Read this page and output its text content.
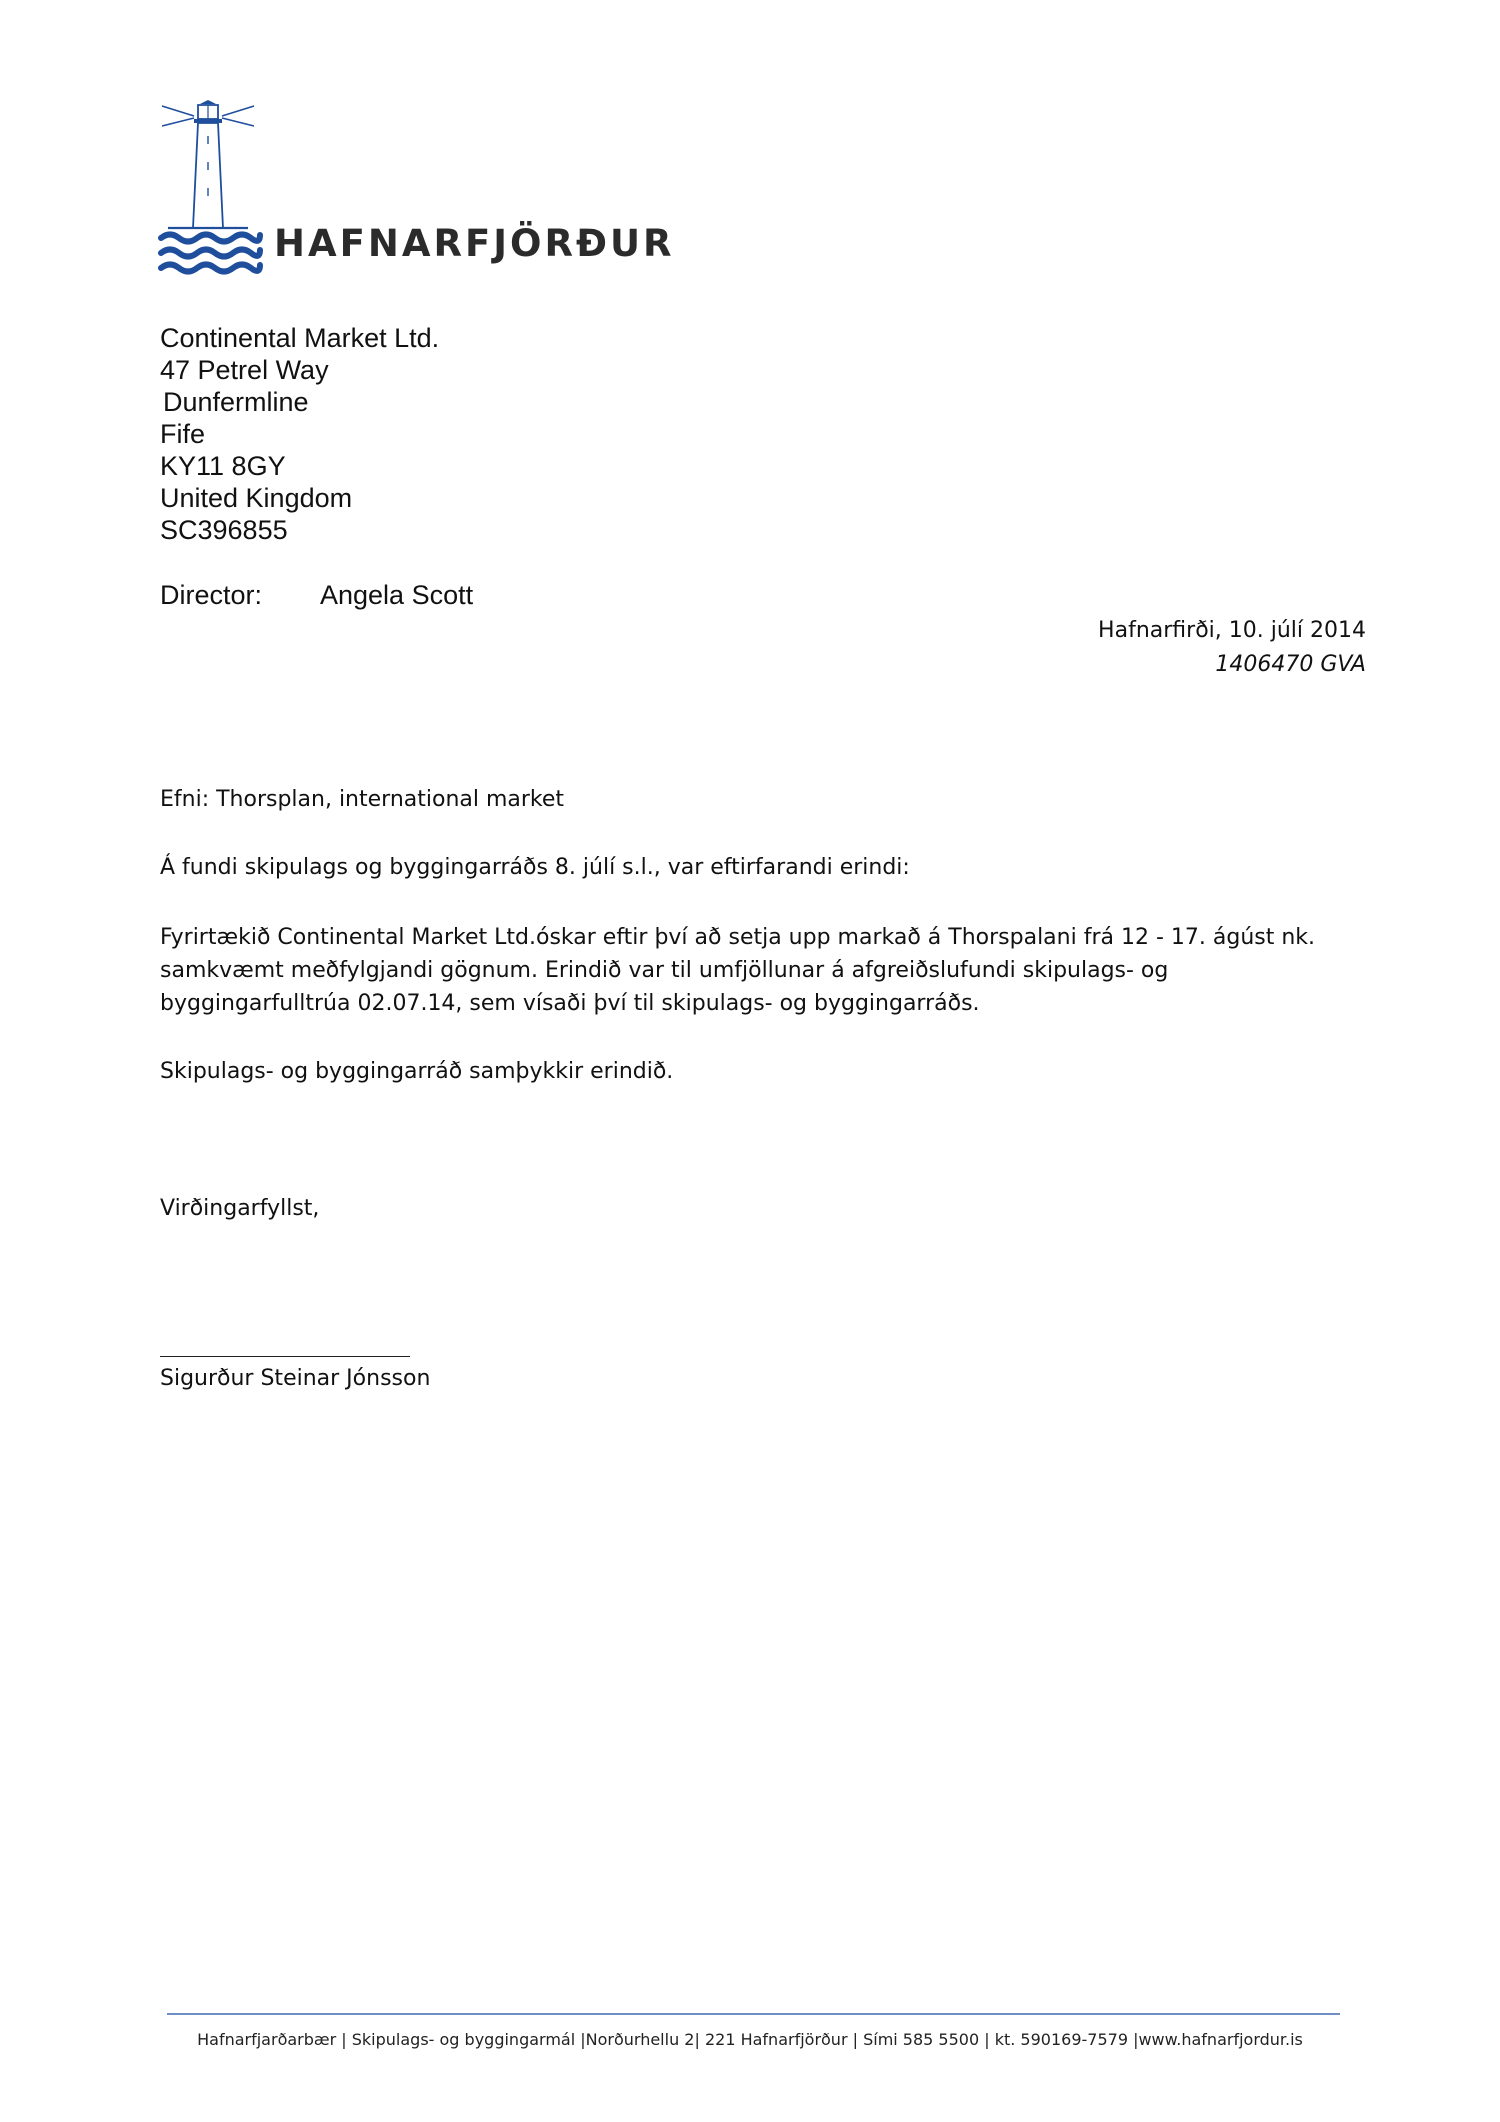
HAFNARFJÖRÐUR
Continental Market Ltd.
47 Petrel Way
Dunfermline
Fife
KY11 8GY
United Kingdom
SC396855
Director: Angela Scott
Hafnarfirði, 10. júlí 2014
1406470 GVA
Efni: Thorsplan, international market
Á fundi skipulags og byggingarráðs 8. júlí s.l., var eftirfarandi erindi:
Fyrirtækið Continental Market Ltd.óskar eftir því að setja upp markað á Thorspalani frá 12 - 17. ágúst nk.
samkvæmt meðfylgjandi gögnum. Erindið var til umfjöllunar á afgreiðslufundi skipulags- og
byggingarfulltrúa 02.07.14, sem vísaði því til skipulags- og byggingarráðs.
Skipulags- og byggingarráð samþykkir erindið.
Virðingarfyllst,
Sigurður Steinar Jónsson
Hafnarfjarðarbær | Skipulags- og byggingarmál |Norðurhellu 2| 221 Hafnarfjörður | Sími 585 5500 | kt. 590169-7579 |www.hafnarfjordur.is
